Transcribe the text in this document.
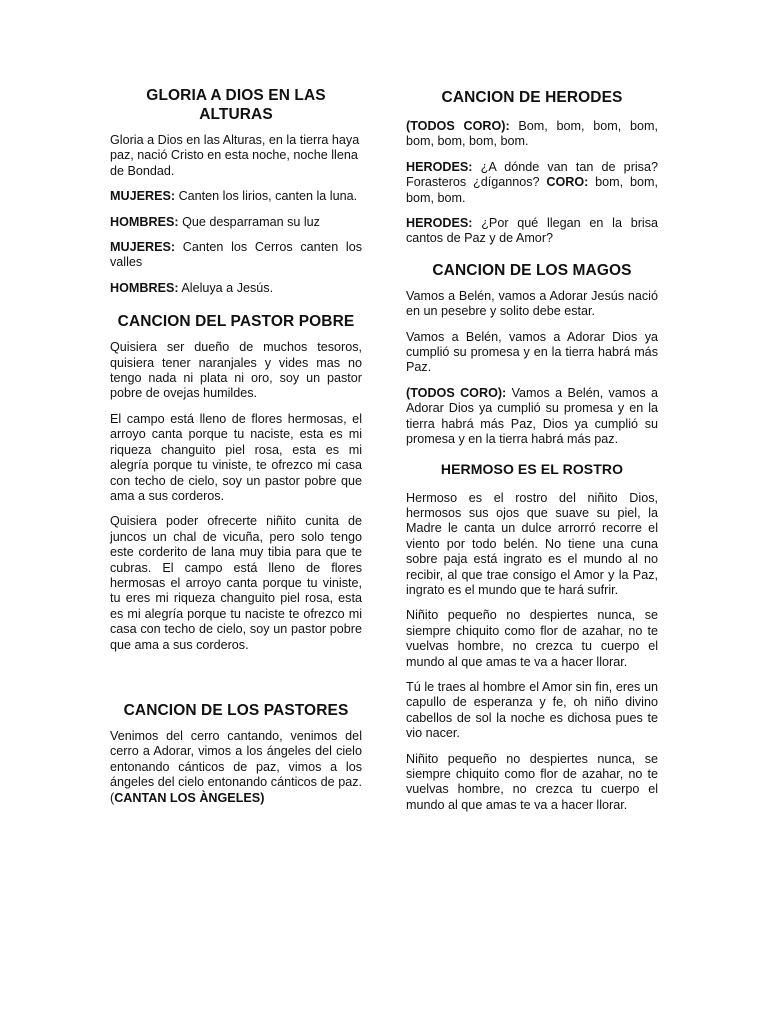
GLORIA A DIOS EN LAS ALTURAS

Gloria a Dios en las Alturas, en la tierra haya paz, nació Cristo en esta noche, noche llena de Bondad.

MUJERES: Canten los lirios, canten la luna.

HOMBRES: Que desparraman su luz

MUJERES: Canten los Cerros canten los valles

HOMBRES: Aleluya a Jesús.

CANCION DEL PASTOR POBRE

Quisiera ser dueño de muchos tesoros, quisiera tener naranjales y vides mas no tengo nada ni plata ni oro, soy un pastor pobre de ovejas humildes.

El campo está lleno de flores hermosas, el arroyo canta porque tu naciste, esta es mi riqueza changuito piel rosa, esta es mi alegría porque tu viniste, te ofrezco mi casa con techo de cielo, soy un pastor pobre que ama a sus corderos.

Quisiera poder ofrecerte niñito cunita de juncos un chal de vicuña, pero solo tengo este corderito de lana muy tibia para que te cubras. El campo está lleno de flores hermosas el arroyo canta porque tu viniste, tu eres mi riqueza changuito piel rosa, esta es mi alegría porque tu naciste te ofrezco mi casa con techo de cielo, soy un pastor pobre que ama a sus corderos.

CANCION DE LOS PASTORES

Venimos del cerro cantando, venimos del cerro a Adorar, vimos a los ángeles del cielo entonando cánticos de paz, vimos a los ángeles del cielo entonando cánticos de paz. (CANTAN LOS ÀNGELES)

CANCION DE HERODES

(TODOS CORO): Bom, bom, bom, bom, bom, bom, bom, bom.

HERODES: ¿A dónde van tan de prisa? Forasteros ¿dígannos? CORO: bom, bom, bom, bom.

HERODES: ¿Por qué llegan en la brisa cantos de Paz y de Amor?

CANCION DE LOS MAGOS

Vamos a Belén, vamos a Adorar Jesús nació en un pesebre y solito debe estar.

Vamos a Belén, vamos a Adorar Dios ya cumplió su promesa y en la tierra habrá más Paz.

(TODOS CORO): Vamos a Belén, vamos a Adorar Dios ya cumplió su promesa y en la tierra habrá más Paz, Dios ya cumplió su promesa y en la tierra habrá más paz.

HERMOSO ES EL ROSTRO

Hermoso es el rostro del niñito Dios, hermosos sus ojos que suave su piel, la Madre le canta un dulce arrorró recorre el viento por todo belén. No tiene una cuna sobre paja está ingrato es el mundo al no recibir, al que trae consigo el Amor y la Paz, ingrato es el mundo que te hará sufrir.

Niñito pequeño no despiertes nunca, se siempre chiquito como flor de azahar, no te vuelvas hombre, no crezca tu cuerpo el mundo al que amas te va a hacer llorar.

Tú le traes al hombre el Amor sin fin, eres un capullo de esperanza y fe, oh niño divino cabellos de sol la noche es dichosa pues te vio nacer.

Niñito pequeño no despiertes nunca, se siempre chiquito como flor de azahar, no te vuelvas hombre, no crezca tu cuerpo el mundo al que amas te va a hacer llorar.
